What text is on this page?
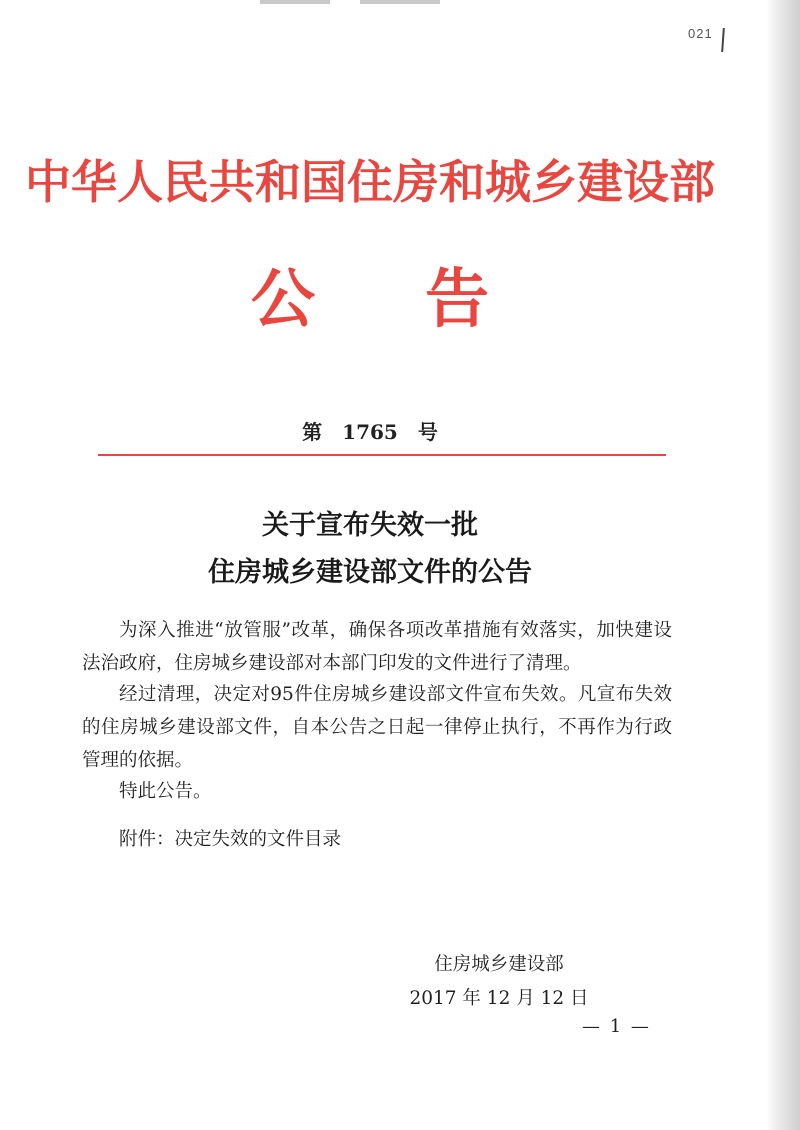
021
中华人民共和国住房和城乡建设部
公告
第　1765　号
关于宣布失效一批
住房城乡建设部文件的公告

为深入推进“放管服”改革，确保各项改革措施有效落实，加快建设法治政府，住房城乡建设部对本部门印发的文件进行了清理。

经过清理，决定对95件住房城乡建设部文件宣布失效。凡宣布失效的住房城乡建设部文件，自本公告之日起一律停止执行，不再作为行政管理的依据。

特此公告。

附件：决定失效的文件目录

住房城乡建设部
2017 年 12 月 12 日
— 1 —
